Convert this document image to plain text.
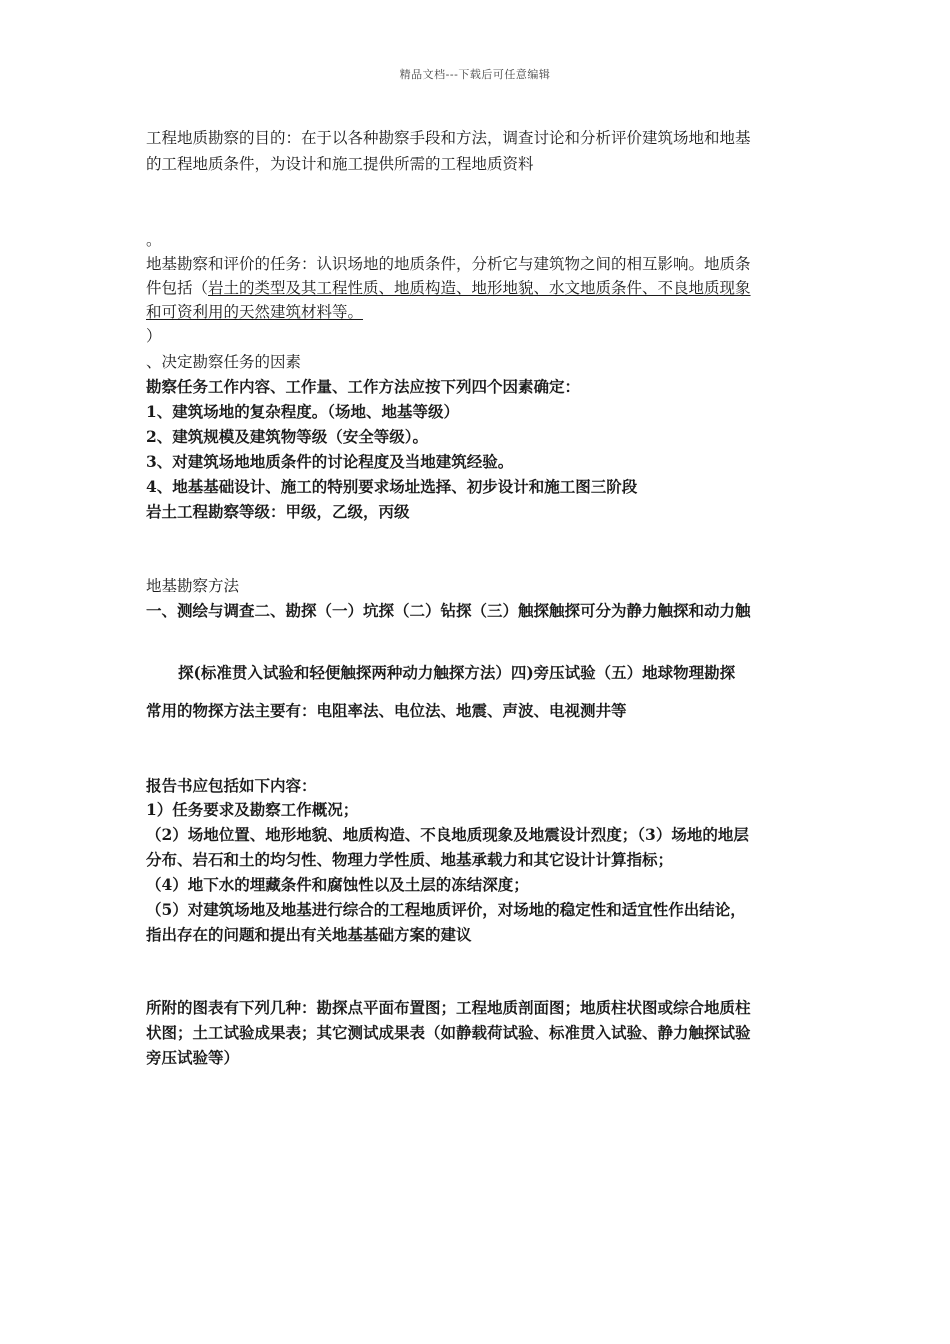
精品文档---下载后可任意编辑
工程地质勘察的目的：在于以各种勘察手段和方法，调查讨论和分析评价建筑场地和地基
的工程地质条件，为设计和施工提供所需的工程地质资料
。
地基勘察和评价的任务：认识场地的地质条件，分析它与建筑物之间的相互影响。地质条
件包括（岩土的类型及其工程性质、地质构造、地形地貌、水文地质条件、不良地质现象
和可资利用的天然建筑材料等。
）
、决定勘察任务的因素
勘察任务工作内容、工作量、工作方法应按下列四个因素确定：
1、建筑场地的复杂程度。（场地、地基等级）
2、建筑规模及建筑物等级（安全等级）。
3、对建筑场地地质条件的讨论程度及当地建筑经验。
4、地基基础设计、施工的特别要求场址选择、初步设计和施工图三阶段
岩土工程勘察等级：甲级，乙级，丙级
地基勘察方法
一、测绘与调查二、勘探（一）坑探（二）钻探（三）触探触探可分为静力触探和动力触
探(标准贯入试验和轻便触探两种动力触探方法）四)旁压试验（五）地球物理勘探
常用的物探方法主要有：电阻率法、电位法、地震、声波、电视测井等
报告书应包括如下内容：
1）任务要求及勘察工作概况；
（2）场地位置、地形地貌、地质构造、不良地质现象及地震设计烈度；（3）场地的地层
分布、岩石和土的均匀性、物理力学性质、地基承载力和其它设计计算指标；
（4）地下水的埋藏条件和腐蚀性以及土层的冻结深度；
（5）对建筑场地及地基进行综合的工程地质评价，对场地的稳定性和适宜性作出结论，
指出存在的问题和提出有关地基基础方案的建议
所附的图表有下列几种：勘探点平面布置图；工程地质剖面图；地质柱状图或综合地质柱
状图；土工试验成果表；其它测试成果表（如静载荷试验、标准贯入试验、静力触探试验
旁压试验等）
